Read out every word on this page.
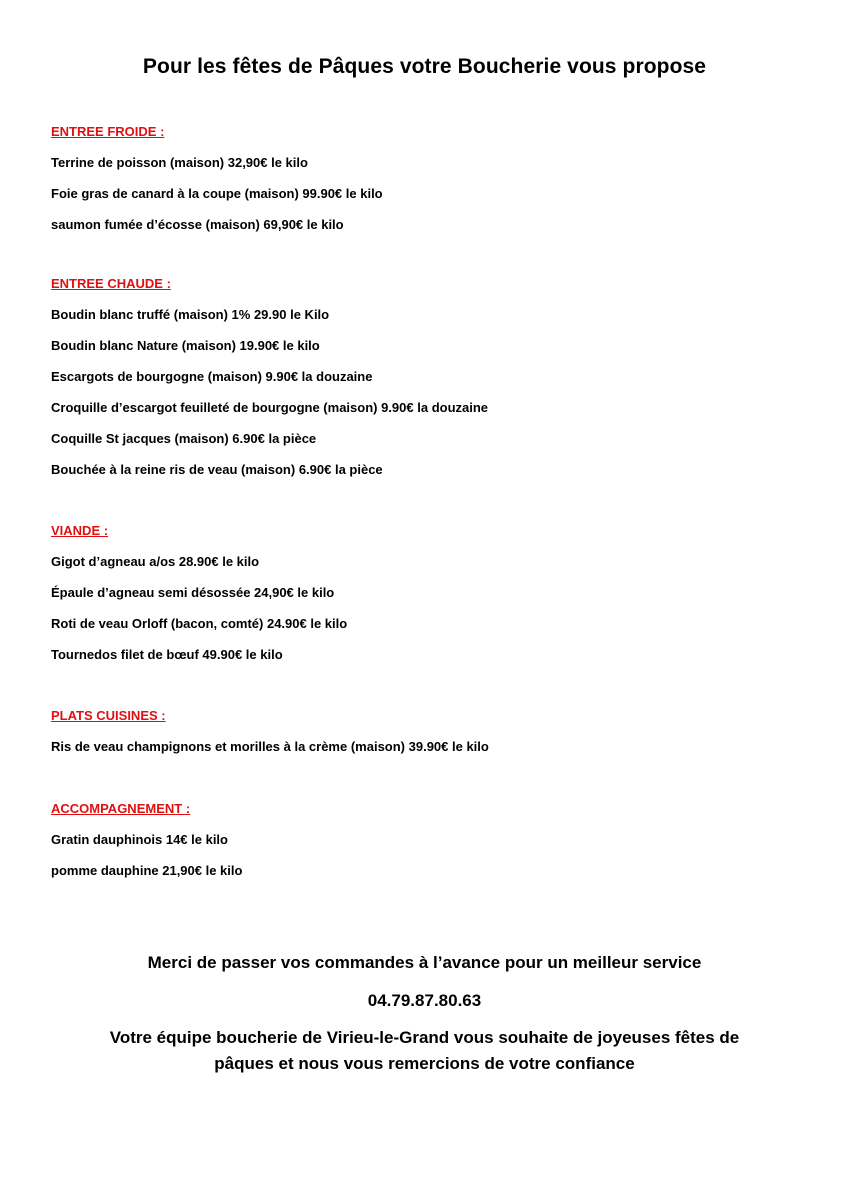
Pour les fêtes de Pâques votre Boucherie vous propose
ENTREE FROIDE :
Terrine de poisson (maison) 32,90€ le kilo
Foie gras de canard à la coupe (maison) 99.90€ le kilo
saumon fumée d’écosse (maison) 69,90€ le kilo
ENTREE CHAUDE :
Boudin blanc truffé (maison) 1% 29.90 le Kilo
Boudin blanc Nature (maison) 19.90€ le kilo
Escargots de bourgogne (maison) 9.90€ la douzaine
Croquille d’escargot feuilleté de bourgogne (maison) 9.90€ la douzaine
Coquille St jacques (maison) 6.90€ la pièce
Bouchée à la reine ris de veau (maison) 6.90€ la pièce
VIANDE :
Gigot d’agneau a/os 28.90€ le kilo
Épaule d’agneau semi désossée 24,90€ le kilo
Roti de veau Orloff (bacon, comté) 24.90€ le kilo
Tournedos filet de bœuf 49.90€ le kilo
PLATS CUISINES :
Ris de veau champignons et morilles à la crème (maison) 39.90€ le kilo
ACCOMPAGNEMENT :
Gratin dauphinois 14€ le kilo
pomme dauphine 21,90€ le kilo
Merci de passer vos commandes à l’avance pour un meilleur service
04.79.87.80.63
Votre équipe boucherie de Virieu-le-Grand vous souhaite de joyeuses fêtes de
pâques et nous vous remercions de votre confiance
